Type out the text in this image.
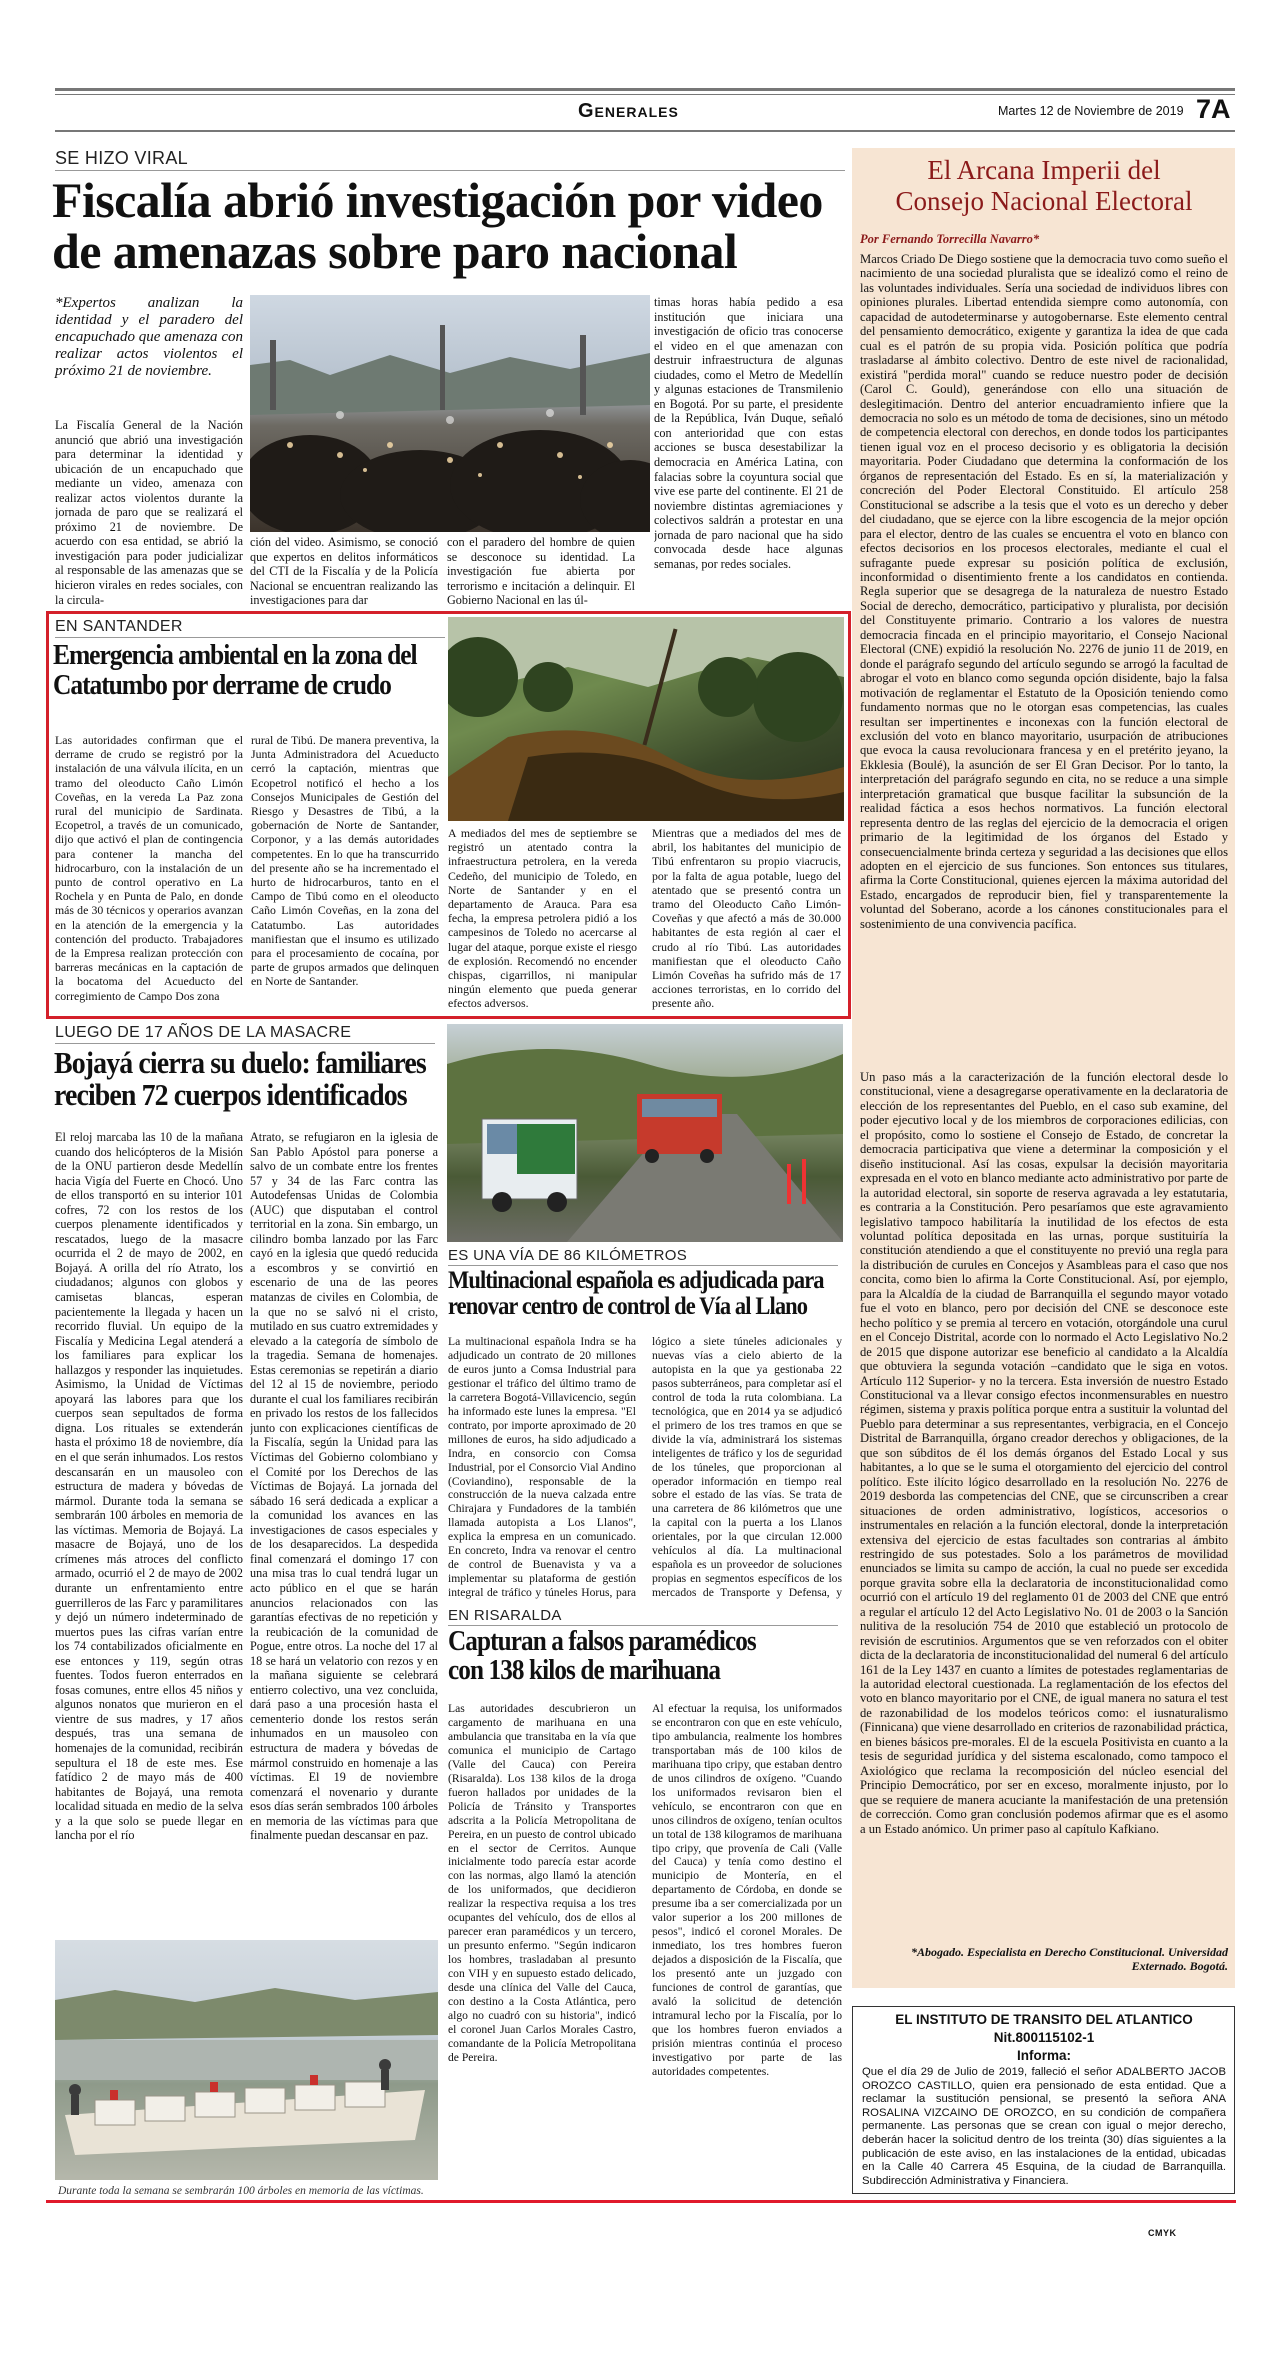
Generales	Martes 12 de Noviembre de 2019 7A
SE HIZO VIRAL
Fiscalía abrió investigación por video
de amenazas sobre paro nacional
*Expertos analizan la identidad y el paradero del encapuchado que amenaza con realizar actos violentos el próximo 21 de noviembre.
La Fiscalía General de la Nación anunció que abrió una investigación para determinar la identidad y ubicación de un encapuchado que mediante un video, amenaza con realizar actos violentos durante la jornada de paro que se realizará el próximo 21 de noviembre. De acuerdo con esa entidad, se abrió la investigación para poder judicializar al responsable de las amenazas que se hicieron virales en redes sociales, con la circula-
ción del video. Asimismo, se conoció que expertos en delitos informáticos del CTI de la Fiscalía y de la Policía Nacional se encuentran realizando las investigaciones para dar
con el paradero del hombre de quien se desconoce su identidad. La investigación fue abierta por terrorismo e incitación a delinquir. El Gobierno Nacional en las úl-
timas horas había pedido a esa institución que iniciara una investigación de oficio tras conocerse el video en el que amenazan con destruir infraestructura de algunas ciudades, como el Metro de Medellín y algunas estaciones de Transmilenio en Bogotá. Por su parte, el presidente de la República, Iván Duque, señaló con anterioridad que con estas acciones se busca desestabilizar la democracia en América Latina, con falacias sobre la coyuntura social que vive ese parte del continente. El 21 de noviembre distintas agremiaciones y colectivos saldrán a protestar en una jornada de paro nacional que ha sido convocada desde hace algunas semanas, por redes sociales.
EN SANTANDER
Emergencia ambiental en la zona del
Catatumbo por derrame de crudo
Las autoridades confirman que el derrame de crudo se registró por la instalación de una válvula ilícita, en un tramo del oleoducto Caño Limón Coveñas, en la vereda La Paz zona rural del municipio de Sardinata. Ecopetrol, a través de un comunicado, dijo que activó el plan de contingencia para contener la mancha del hidrocarburo, con la instalación de un punto de control operativo en La Rochela y en Punta de Palo, en donde más de 30 técnicos y operarios avanzan en la atención de la emergencia y la contención del producto. Trabajadores de la Empresa realizan protección con barreras mecánicas en la captación de la bocatoma del Acueducto del corregimiento de Campo Dos zona
rural de Tibú. De manera preventiva, la Junta Administradora del Acueducto cerró la captación, mientras que Ecopetrol notificó el hecho a los Consejos Municipales de Gestión del Riesgo y Desastres de Tibú, a la gobernación de Norte de Santander, Corponor, y a las demás autoridades competentes. En lo que ha transcurrido del presente año se ha incrementado el hurto de hidrocarburos, tanto en el Campo de Tibú como en el oleoducto Caño Limón Coveñas, en la zona del Catatumbo. Las autoridades manifiestan que el insumo es utilizado para el procesamiento de cocaína, por parte de grupos armados que delinquen en Norte de Santander.
A mediados del mes de septiembre se registró un atentado contra la infraestructura petrolera, en la vereda Cedeño, del municipio de Toledo, en Norte de Santander y en el departamento de Arauca. Para esa fecha, la empresa petrolera pidió a los campesinos de Toledo no acercarse al lugar del ataque, porque existe el riesgo de explosión. Recomendó no encender chispas, cigarrillos, ni manipular ningún elemento que pueda generar efectos adversos.
Mientras que a mediados del mes de abril, los habitantes del municipio de Tibú enfrentaron su propio viacrucis, por la falta de agua potable, luego del atentado que se presentó contra un tramo del Oleoducto Caño Limón-Coveñas y que afectó a más de 30.000 habitantes de esta región al caer el crudo al río Tibú. Las autoridades manifiestan que el oleoducto Caño Limón Coveñas ha sufrido más de 17 acciones terroristas, en lo corrido del presente año.
LUEGO DE 17 AÑOS DE LA MASACRE
Bojayá cierra su duelo: familiares
reciben 72 cuerpos identificados
El reloj marcaba las 10 de la mañana cuando dos helicópteros de la Misión de la ONU partieron desde Medellín hacia Vigía del Fuerte en Chocó. Uno de ellos transportó en su interior 101 cofres, 72 con los restos de los cuerpos plenamente identificados y rescatados, luego de la masacre ocurrida el 2 de mayo de 2002, en Bojayá. A orilla del río Atrato, los ciudadanos; algunos con globos y camisetas blancas, esperan pacientemente la llegada y hacen un recorrido fluvial. Un equipo de la Fiscalía y Medicina Legal atenderá a los familiares para explicar los hallazgos y responder las inquietudes. Asimismo, la Unidad de Víctimas apoyará las labores para que los cuerpos sean sepultados de forma digna. Los rituales se extenderán hasta el próximo 18 de noviembre, día en el que serán inhumados. Los restos descansarán en un mausoleo con estructura de madera y bóvedas de mármol. Durante toda la semana se sembrarán 100 árboles en memoria de las víctimas. Memoria de Bojayá. La masacre de Bojayá, uno de los crímenes más atroces del conflicto armado, ocurrió el 2 de mayo de 2002 durante un enfrentamiento entre guerrilleros de las Farc y paramilitares y dejó un número indeterminado de muertos pues las cifras varían entre los 74 contabilizados oficialmente en ese entonces y 119, según otras fuentes. Todos fueron enterrados en fosas comunes, entre ellos 45 niños y algunos nonatos que murieron en el vientre de sus madres, y 17 años después, tras una semana de homenajes de la comunidad, recibirán sepultura el 18 de este mes. Ese fatídico 2 de mayo más de 400 habitantes de Bojayá, una remota localidad situada en medio de la selva y a la que solo se puede llegar en lancha por el río
Atrato, se refugiaron en la iglesia de San Pablo Apóstol para ponerse a salvo de un combate entre los frentes 57 y 34 de las Farc contra las Autodefensas Unidas de Colombia (AUC) que disputaban el control territorial en la zona. Sin embargo, un cilindro bomba lanzado por las Farc cayó en la iglesia que quedó reducida a escombros y se convirtió en escenario de una de las peores matanzas de civiles en Colombia, de la que no se salvó ni el cristo, mutilado en sus cuatro extremidades y elevado a la categoría de símbolo de la tragedia. Semana de homenajes. Estas ceremonias se repetirán a diario del 12 al 15 de noviembre, periodo durante el cual los familiares recibirán en privado los restos de los fallecidos junto con explicaciones científicas de la Fiscalía, según la Unidad para las Víctimas del Gobierno colombiano y el Comité por los Derechos de las Víctimas de Bojayá. La jornada del sábado 16 será dedicada a explicar a la comunidad los avances en las investigaciones de casos especiales y de los desaparecidos. La despedida final comenzará el domingo 17 con una misa tras lo cual tendrá lugar un acto público en el que se harán anuncios relacionados con las garantías efectivas de no repetición y la reubicación de la comunidad de Pogue, entre otros. La noche del 17 al 18 se hará un velatorio con rezos y en la mañana siguiente se celebrará entierro colectivo, una vez concluida, dará paso a una procesión hasta el cementerio donde los restos serán inhumados en un mausoleo con estructura de madera y bóvedas de mármol construido en homenaje a las víctimas. El 19 de noviembre comenzará el novenario y durante esos días serán sembrados 100 árboles en memoria de las víctimas para que finalmente puedan descansar en paz.
Durante toda la semana se sembrarán 100 árboles en memoria de las víctimas.
ES UNA VÍA DE 86 KILÓMETROS
Multinacional española es adjudicada para
renovar centro de control de Vía al Llano
La multinacional española Indra se ha adjudicado un contrato de 20 millones de euros junto a Comsa Industrial para gestionar el tráfico del último tramo de la carretera Bogotá-Villavicencio, según ha informado este lunes la empresa. "El contrato, por importe aproximado de 20 millones de euros, ha sido adjudicado a Indra, en consorcio con Comsa Industrial, por el Consorcio Vial Andino (Coviandino), responsable de la construcción de la nueva calzada entre Chirajara y Fundadores de la también llamada autopista a Los Llanos", explica la empresa en un comunicado. En concreto, Indra va renovar el centro de control de Buenavista y va a implementar su plataforma de gestión integral de tráfico y túneles Horus, para
lógico a siete túneles adicionales y nuevas vías a cielo abierto de la autopista en la que ya gestionaba 22 pasos subterráneos, para completar así el control de toda la ruta colombiana. La tecnológica, que en 2014 ya se adjudicó el primero de los tres tramos en que se divide la vía, administrará los sistemas inteligentes de tráfico y los de seguridad de los túneles, que proporcionan al operador información en tiempo real sobre el estado de las vías. Se trata de una carretera de 86 kilómetros que une la capital con la puerta a los Llanos orientales, por la que circulan 12.000 vehículos al día. La multinacional española es un proveedor de soluciones propias en segmentos específicos de los mercados de Transporte y Defensa, y
EN RISARALDA
Capturan a falsos paramédicos
con 138 kilos de marihuana
Las autoridades descubrieron un cargamento de marihuana en una ambulancia que transitaba en la vía que comunica el municipio de Cartago (Valle del Cauca) con Pereira (Risaralda). Los 138 kilos de la droga fueron hallados por unidades de la Policía de Tránsito y Transportes adscrita a la Policía Metropolitana de Pereira, en un puesto de control ubicado en el sector de Cerritos. Aunque inicialmente todo parecía estar acorde con las normas, algo llamó la atención de los uniformados, que decidieron realizar la respectiva requisa a los tres ocupantes del vehículo, dos de ellos al parecer eran paramédicos y un tercero, un presunto enfermo. "Según indicaron los hombres, trasladaban al presunto con VIH y en supuesto estado delicado, desde una clínica del Valle del Cauca, con destino a la Costa Atlántica, pero algo no cuadró con su historia", indicó el coronel Juan Carlos Morales Castro, comandante de la Policía Metropolitana de Pereira.
Al efectuar la requisa, los uniformados se encontraron con que en este vehículo, tipo ambulancia, realmente los hombres transportaban más de 100 kilos de marihuana tipo cripy, que estaban dentro de unos cilindros de oxígeno. "Cuando los uniformados revisaron bien el vehículo, se encontraron con que en unos cilindros de oxígeno, tenían ocultos un total de 138 kilogramos de marihuana tipo cripy, que provenía de Cali (Valle del Cauca) y tenía como destino el municipio de Montería, en el departamento de Córdoba, en donde se presume iba a ser comercializada por un valor superior a los 200 millones de pesos", indicó el coronel Morales. De inmediato, los tres hombres fueron dejados a disposición de la Fiscalía, que los presentó ante un juzgado con funciones de control de garantías, que avaló la solicitud de detención intramural lecho por la Fiscalía, por lo que los hombres fueron enviados a prisión mientras continúa el proceso investigativo por parte de las autoridades competentes.
El Arcana Imperii del
Consejo Nacional Electoral
Por Fernando Torrecilla Navarro*
Marcos Criado De Diego sostiene que la democracia tuvo como sueño el nacimiento de una sociedad pluralista que se idealizó como el reino de las voluntades individuales. Sería una sociedad de individuos libres con opiniones plurales. Libertad entendida siempre como autonomía, con capacidad de autodeterminarse y autogobernarse. Este elemento central del pensamiento democrático, exigente y garantiza la idea de que cada cual es el patrón de su propia vida. Posición política que podría trasladarse al ámbito colectivo. Dentro de este nivel de racionalidad, existirá "perdida moral" cuando se reduce nuestro poder de decisión (Carol C. Gould), generándose con ello una situación de deslegitimación. Dentro del anterior encuadramiento infiere que la democracia no solo es un método de toma de decisiones, sino un método de competencia electoral con derechos, en donde todos los participantes tienen igual voz en el proceso decisorio y es obligatoria la decisión mayoritaria. Poder Ciudadano que determina la conformación de los órganos de representación del Estado. Es en sí, la materialización y concreción del Poder Electoral Constituido. El artículo 258 Constitucional se adscribe a la tesis que el voto es un derecho y deber del ciudadano, que se ejerce con la libre escogencia de la mejor opción para el elector, dentro de las cuales se encuentra el voto en blanco con efectos decisorios en los procesos electorales, mediante el cual el sufragante puede expresar su posición política de exclusión, inconformidad o disentimiento frente a los candidatos en contienda. Regla superior que se desagrega de la naturaleza de nuestro Estado Social de derecho, democrático, participativo y pluralista, por decisión del Constituyente primario. Contrario a los valores de nuestra democracia fincada en el principio mayoritario, el Consejo Nacional Electoral (CNE) expidió la resolución No. 2276 de junio 11 de 2019, en donde el parágrafo segundo del artículo segundo se arrogó la facultad de abrogar el voto en blanco como segunda opción disidente, bajo la falsa motivación de reglamentar el Estatuto de la Oposición teniendo como fundamento normas que no le otorgan esas competencias, las cuales resultan ser impertinentes e inconexas con la función electoral de exclusión del voto en blanco mayoritario, usurpación de atribuciones que evoca la causa revolucionara francesa y en el pretérito jeyano, la Ekklesia (Boulé), la asunción de ser El Gran Decisor. Por lo tanto, la interpretación del parágrafo segundo en cita, no se reduce a una simple interpretación gramatical que busque facilitar la subsunción de la realidad fáctica a esos hechos normativos. La función electoral representa dentro de las reglas del ejercicio de la democracia el origen primario de la legitimidad de los órganos del Estado y consecuencialmente brinda certeza y seguridad a las decisiones que ellos adopten en el ejercicio de sus funciones. Son entonces sus titulares, afirma la Corte Constitucional, quienes ejercen la máxima autoridad del Estado, encargados de reproducir bien, fiel y transparentemente la voluntad del Soberano, acorde a los cánones constitucionales para el sostenimiento de una convivencia pacífica.
Un paso más a la caracterización de la función electoral desde lo constitucional, viene a desagregarse operativamente en la declaratoria de elección de los representantes del Pueblo, en el caso sub examine, del poder ejecutivo local y de los miembros de corporaciones edilicias, con el propósito, como lo sostiene el Consejo de Estado, de concretar la democracia participativa que viene a determinar la composición y el diseño institucional. Así las cosas, expulsar la decisión mayoritaria expresada en el voto en blanco mediante acto administrativo por parte de la autoridad electoral, sin soporte de reserva agravada a ley estatutaria, es contraria a la Constitución. Pero pesaríamos que este agravamiento legislativo tampoco habilitaría la inutilidad de los efectos de esta voluntad política depositada en las urnas, porque sustituiría la constitución atendiendo a que el constituyente no previó una regla para la distribución de curules en Concejos y Asambleas para el caso que nos concita, como bien lo afirma la Corte Constitucional. Así, por ejemplo, para la Alcaldía de la ciudad de Barranquilla el segundo mayor votado fue el voto en blanco, pero por decisión del CNE se desconoce este hecho político y se premia al tercero en votación, otorgándole una curul en el Concejo Distrital, acorde con lo normado el Acto Legislativo No.2 de 2015 que dispone autorizar ese beneficio al candidato a la Alcaldía que obtuviera la segunda votación –candidato que le siga en votos. Artículo 112 Superior- y no la tercera. Esta inversión de nuestro Estado Constitucional va a llevar consigo efectos inconmensurables en nuestro régimen, sistema y praxis política porque entra a sustituir la voluntad del Pueblo para determinar a sus representantes, verbigracia, en el Concejo Distrital de Barranquilla, órgano creador derechos y obligaciones, de la que son súbditos de él los demás órganos del Estado Local y sus habitantes, a lo que se le suma el otorgamiento del ejercicio del control político. Este ilícito lógico desarrollado en la resolución No. 2276 de 2019 desborda las competencias del CNE, que se circunscriben a crear situaciones de orden administrativo, logísticos, accesorios o instrumentales en relación a la función electoral, donde la interpretación extensiva del ejercicio de estas facultades son contrarias al ámbito restringido de sus potestades. Solo a los parámetros de movilidad enunciados se limita su campo de acción, la cual no puede ser excedida porque gravita sobre ella la declaratoria de inconstitucionalidad como ocurrió con el artículo 19 del reglamento 01 de 2003 del CNE que entró a regular el artículo 12 del Acto Legislativo No. 01 de 2003 o la Sanción nulitiva de la resolución 754 de 2010 que estableció un protocolo de revisión de escrutinios. Argumentos que se ven reforzados con el obiter dicta de la declaratoria de inconstitucionalidad del numeral 6 del artículo 161 de la Ley 1437 en cuanto a límites de potestades reglamentarias de la autoridad electoral cuestionada. La reglamentación de los efectos del voto en blanco mayoritario por el CNE, de igual manera no satura el test de razonabilidad de los modelos teóricos como: el iusnaturalismo (Finnicana) que viene desarrollado en criterios de razonabilidad práctica, en bienes básicos pre-morales. El de la escuela Positivista en cuanto a la tesis de seguridad jurídica y del sistema escalonado, como tampoco el Axiológico que reclama la recomposición del núcleo esencial del Principio Democrático, por ser en exceso, moralmente injusto, por lo que se requiere de manera acuciante la manifestación de una pretensión de corrección. Como gran conclusión podemos afirmar que es el asomo a un Estado anómico. Un primer paso al capítulo Kafkiano.
*Abogado. Especialista en Derecho Constitucional. Universidad Externado. Bogotá.
EL INSTITUTO DE TRANSITO DEL ATLANTICO
Nit.800115102-1
Informa:
Que el día 29 de Julio de 2019, falleció el señor ADALBERTO JACOB OROZCO CASTILLO, quien era pensionado de esta entidad. Que a reclamar la sustitución pensional, se presentó la señora ANA ROSALINA VIZCAINO DE OROZCO, en su condición de compañera permanente. Las personas que se crean con igual o mejor derecho, deberán hacer la solicitud dentro de los treinta (30) días siguientes a la publicación de este aviso, en las instalaciones de la entidad, ubicadas en la Calle 40 Carrera 45 Esquina, de la ciudad de Barranquilla. Subdirección Administrativa y Financiera.
CMYK
